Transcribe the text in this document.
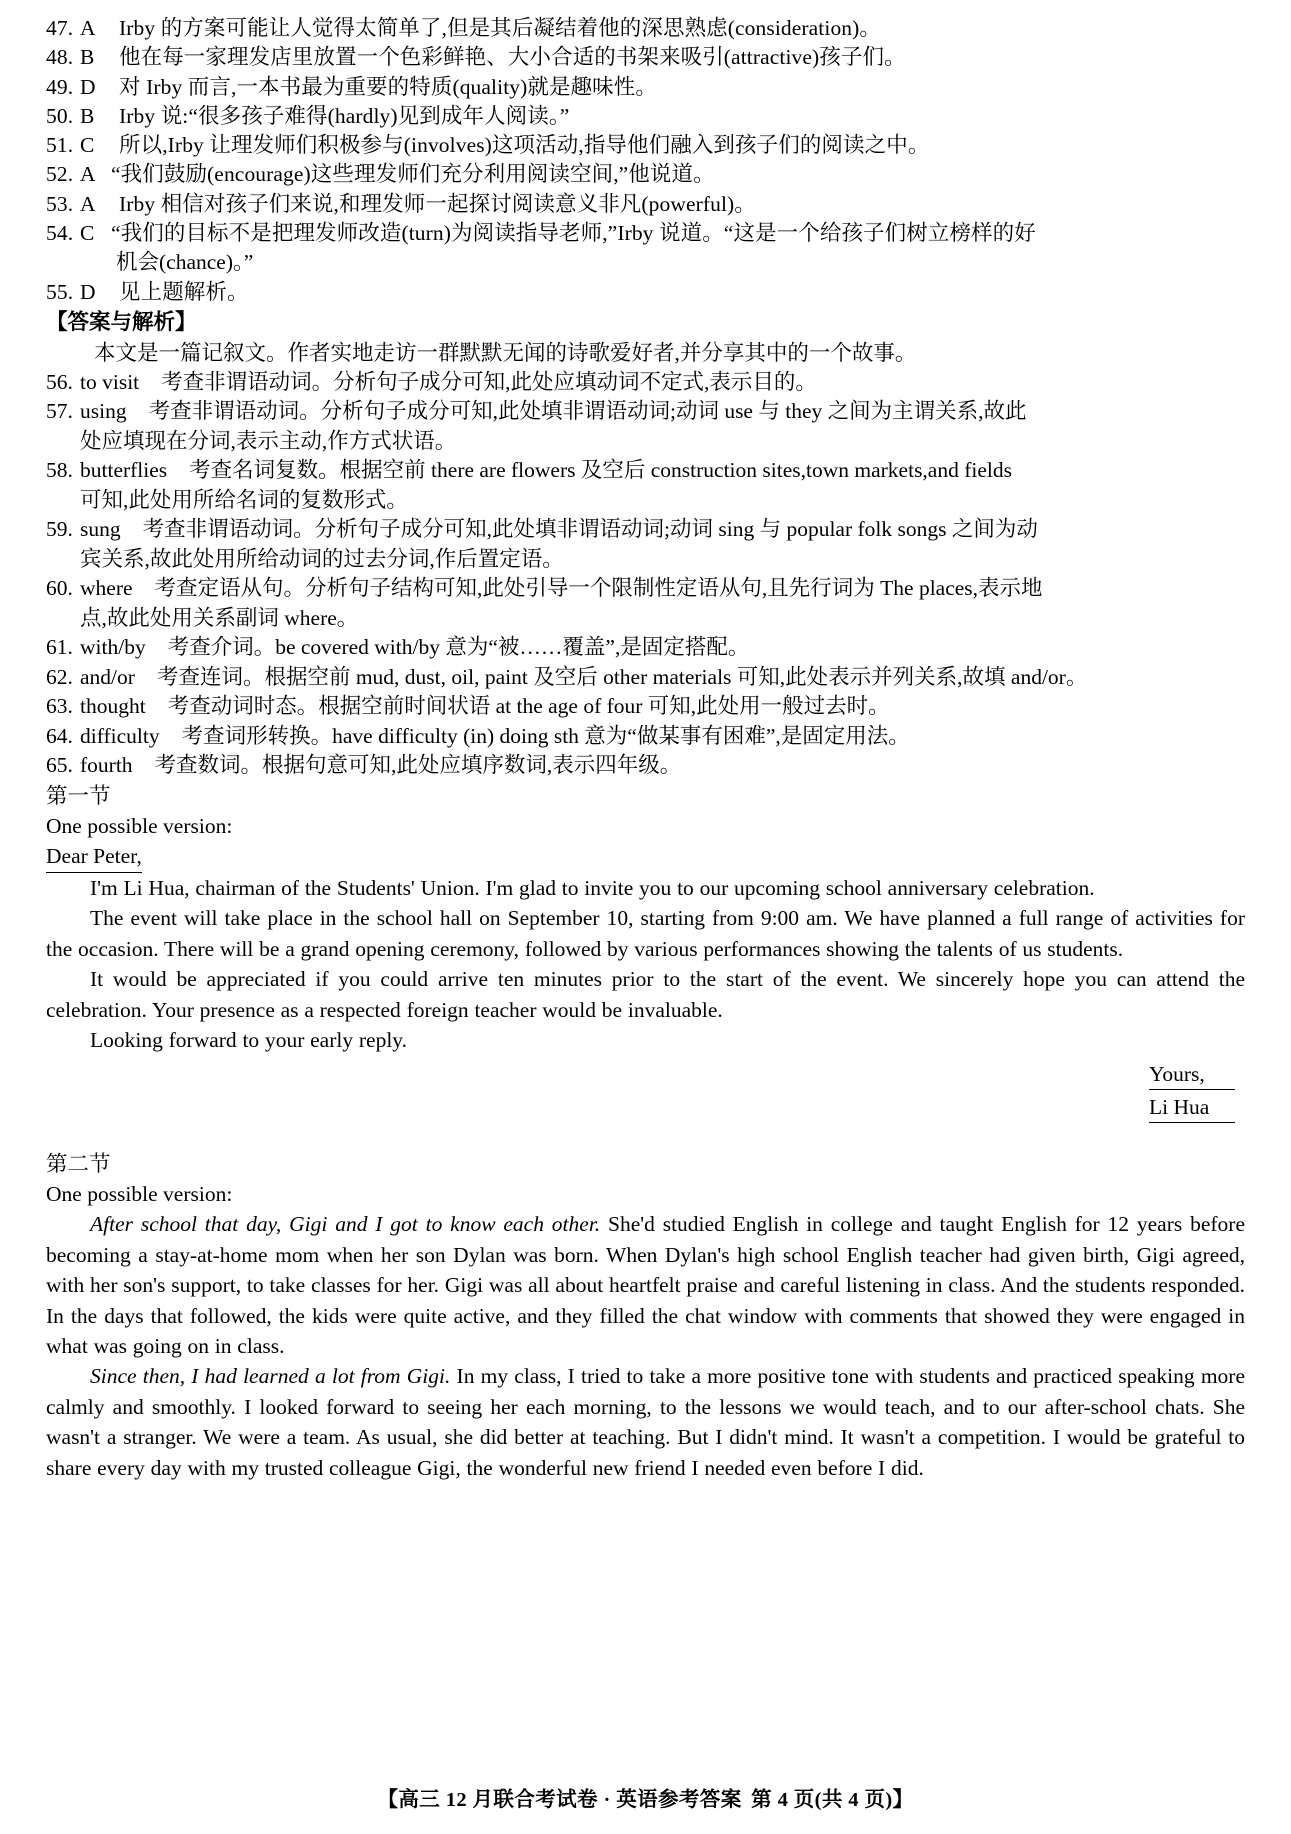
47. A	Irby 的方案可能让人觉得太简单了,但是其后凝结着他的深思熟虑(consideration)。
48. B	他在每一家理发店里放置一个色彩鲜艳、大小合适的书架来吸引(attractive)孩子们。
49. D	对 Irby 而言,一本书最为重要的特质(quality)就是趣味性。
50. B	Irby 说:“很多孩子难得(hardly)见到成年人阅读。”
51. C	所以,Irby 让理发师们积极参与(involves)这项活动,指导他们融入到孩子们的阅读之中。
52. A “我们鼓励(encourage)这些理发师们充分利用阅读空间,”他说道。
53. A	Irby 相信对孩子们来说,和理发师一起探讨阅读意义非凡(powerful)。
54. C “我们的目标不是把理发师改造(turn)为阅读指导老师,”Irby 说道。“这是一个给孩子们树立榜样的好
机会(chance)。”
55. D	见上题解析。
【答案与解析】
本文是一篇记叙文。作者实地走访一群默默无闻的诗歌爱好者,并分享其中的一个故事。
56. to visit	考查非谓语动词。分析句子成分可知,此处应填动词不定式,表示目的。
57. using	考查非谓语动词。分析句子成分可知,此处填非谓语动词;动词 use 与 they 之间为主谓关系,故此
处应填现在分词,表示主动,作方式状语。
58. butterflies	考查名词复数。根据空前 there are flowers 及空后 construction sites,town markets,and fields
可知,此处用所给名词的复数形式。
59. sung	考查非谓语动词。分析句子成分可知,此处填非谓语动词;动词 sing 与 popular folk songs 之间为动
宾关系,故此处用所给动词的过去分词,作后置定语。
60. where	考查定语从句。分析句子结构可知,此处引导一个限制性定语从句,且先行词为 The places,表示地
点,故此处用关系副词 where。
61. with/by	考查介词。be covered with/by 意为“被……覆盖”,是固定搭配。
62. and/or	考查连词。根据空前 mud, dust, oil, paint 及空后 other materials 可知,此处表示并列关系,故填 and/or。
63. thought	考查动词时态。根据空前时间状语 at the age of four 可知,此处用一般过去时。
64. difficulty	考查词形转换。have difficulty (in) doing sth 意为“做某事有困难”,是固定用法。
65. fourth	考查数词。根据句意可知,此处应填序数词,表示四年级。
第一节
One possible version:
Dear Peter,
I'm Li Hua, chairman of the Students' Union. I'm glad to invite you to our upcoming school anniversary celebration.
The event will take place in the school hall on September 10, starting from 9:00 am. We have planned a full range of activities for the occasion. There will be a grand opening ceremony, followed by various performances showing the talents of us students.
It would be appreciated if you could arrive ten minutes prior to the start of the event. We sincerely hope you can attend the celebration. Your presence as a respected foreign teacher would be invaluable.
Looking forward to your early reply.
Yours,
Li Hua
第二节
One possible version:
After school that day, Gigi and I got to know each other. She'd studied English in college and taught English for 12 years before becoming a stay-at-home mom when her son Dylan was born. When Dylan's high school English teacher had given birth, Gigi agreed, with her son's support, to take classes for her. Gigi was all about heartfelt praise and careful listening in class. And the students responded. In the days that followed, the kids were quite active, and they filled the chat window with comments that showed they were engaged in what was going on in class.
Since then, I had learned a lot from Gigi. In my class, I tried to take a more positive tone with students and practiced speaking more calmly and smoothly. I looked forward to seeing her each morning, to the lessons we would teach, and to our after-school chats. She wasn't a stranger. We were a team. As usual, she did better at teaching. But I didn't mind. It wasn't a competition. I would be grateful to share every day with my trusted colleague Gigi, the wonderful new friend I needed even before I did.
【高三 12 月联合考试卷 · 英语参考答案 第 4 页(共 4 页)】
